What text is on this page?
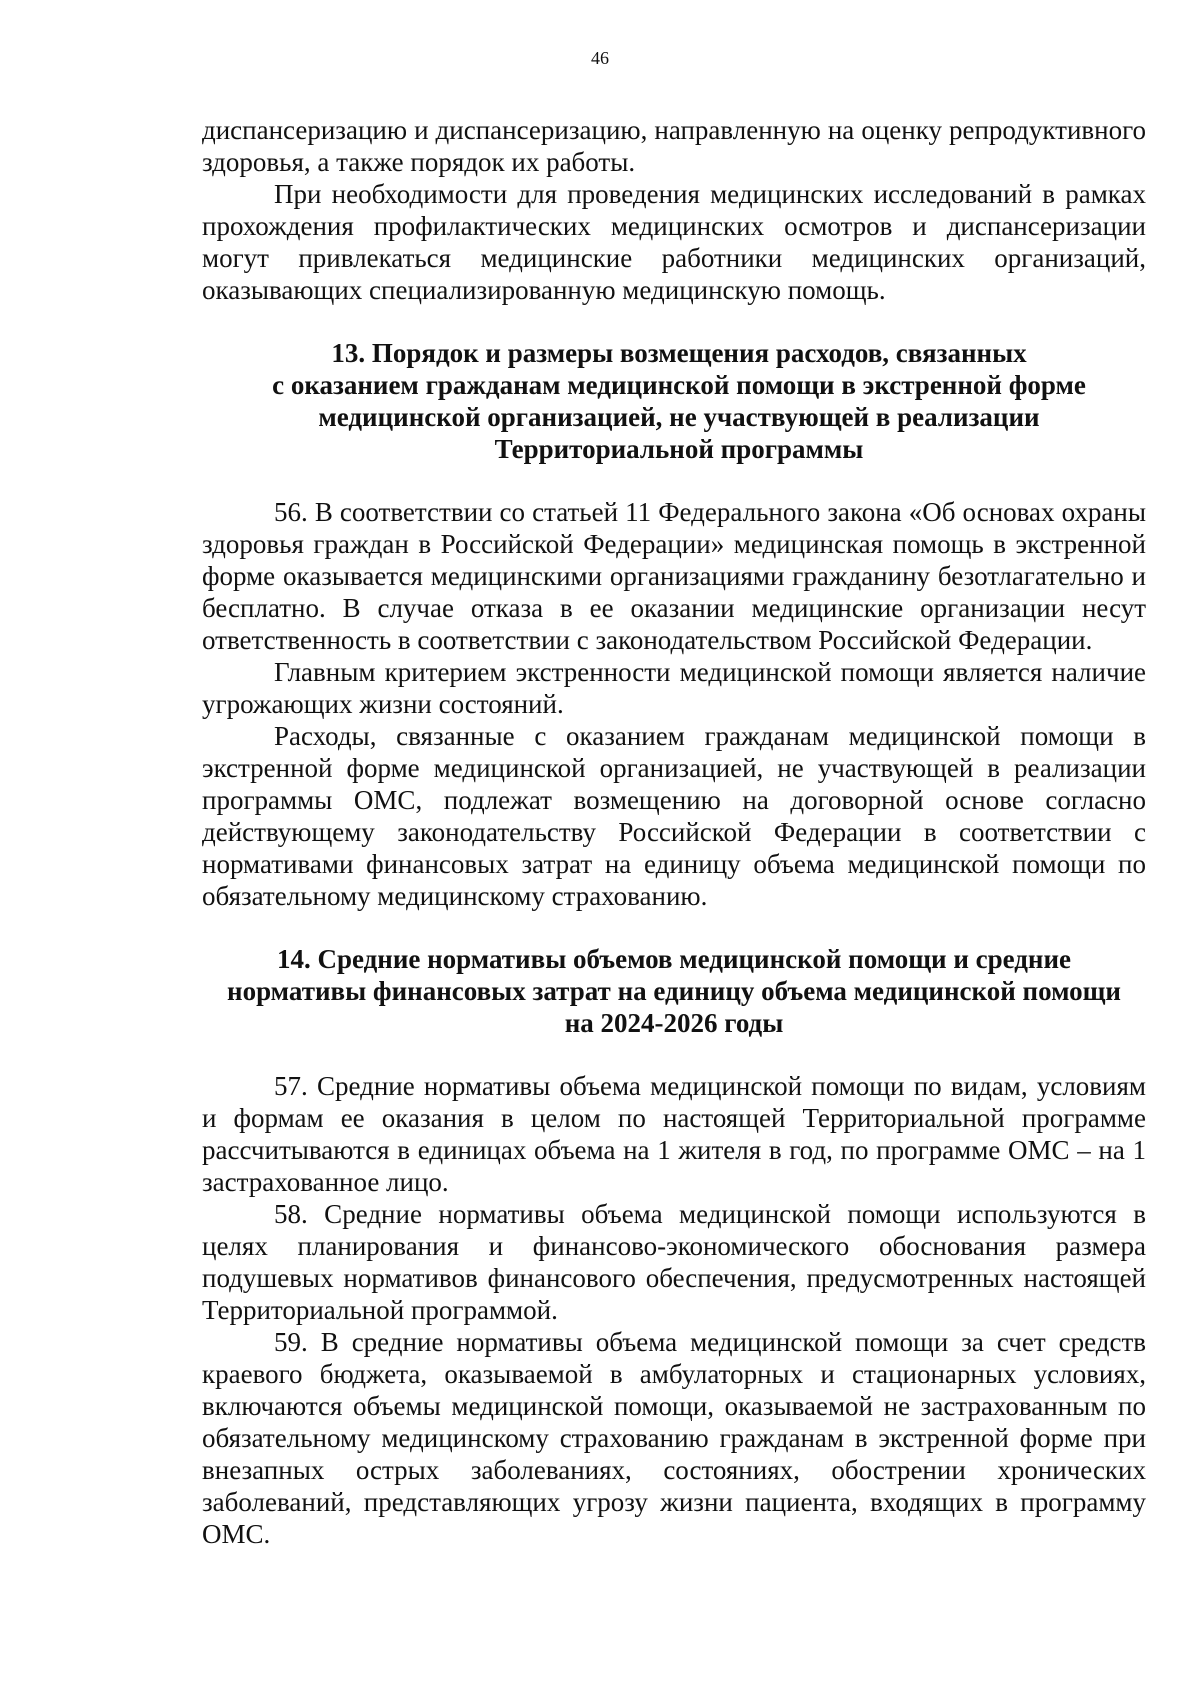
46

диспансеризацию и диспансеризацию, направленную на оценку репродуктивного здоровья, а также порядок их работы.

При необходимости для проведения медицинских исследований в рамках прохождения профилактических медицинских осмотров и диспансеризации могут привлекаться медицинские работники медицинских организаций, оказывающих специализированную медицинскую помощь.

13. Порядок и размеры возмещения расходов, связанных
с оказанием гражданам медицинской помощи в экстренной форме
медицинской организацией, не участвующей в реализации
Территориальной программы

56. В соответствии со статьей 11 Федерального закона «Об основах охраны здоровья граждан в Российской Федерации» медицинская помощь в экстренной форме оказывается медицинскими организациями гражданину безотлагательно и бесплатно. В случае отказа в ее оказании медицинские организации несут ответственность в соответствии с законодательством Российской Федерации.

Главным критерием экстренности медицинской помощи является наличие угрожающих жизни состояний.

Расходы, связанные с оказанием гражданам медицинской помощи в экстренной форме медицинской организацией, не участвующей в реализации программы ОМС, подлежат возмещению на договорной основе согласно действующему законодательству Российской Федерации в соответствии с нормативами финансовых затрат на единицу объема медицинской помощи по обязательному медицинскому страхованию.

14. Средние нормативы объемов медицинской помощи и средние
нормативы финансовых затрат на единицу объема медицинской помощи
на 2024-2026 годы

57. Средние нормативы объема медицинской помощи по видам, условиям и формам ее оказания в целом по настоящей Территориальной программе рассчитываются в единицах объема на 1 жителя в год, по программе ОМС – на 1 застрахованное лицо.

58. Средние нормативы объема медицинской помощи используются в целях планирования и финансово-экономического обоснования размера подушевых нормативов финансового обеспечения, предусмотренных настоящей Территориальной программой.

59. В средние нормативы объема медицинской помощи за счет средств краевого бюджета, оказываемой в амбулаторных и стационарных условиях, включаются объемы медицинской помощи, оказываемой не застрахованным по обязательному медицинскому страхованию гражданам в экстренной форме при внезапных острых заболеваниях, состояниях, обострении хронических заболеваний, представляющих угрозу жизни пациента, входящих в программу ОМС.
